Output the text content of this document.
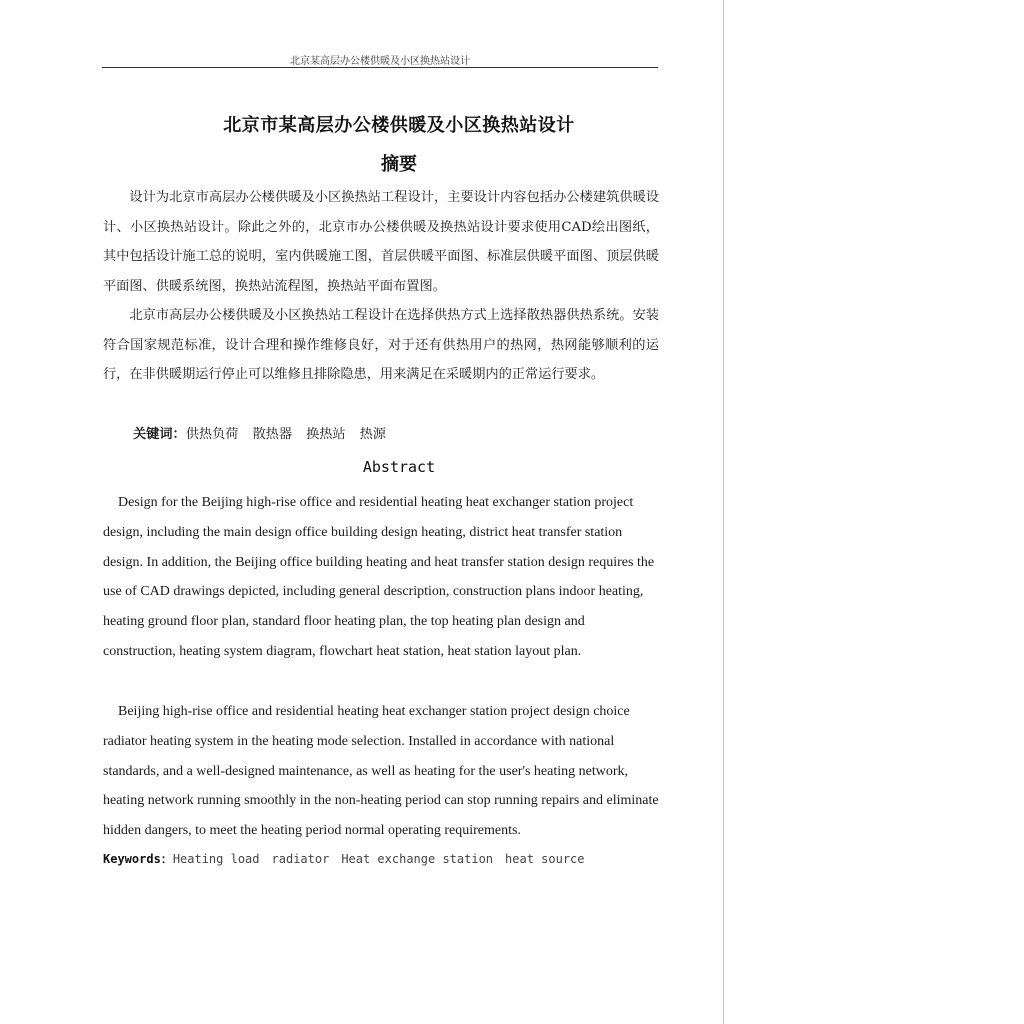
北京某高层办公楼供暖及小区换热站设计
北京市某高层办公楼供暖及小区换热站设计
摘要

设计为北京市高层办公楼供暖及小区换热站工程设计，主要设计内容包括办公楼建筑供暖设计、小区换热站设计。除此之外的，北京市办公楼供暖及换热站设计要求使用CAD绘出图纸，其中包括设计施工总的说明，室内供暖施工图，首层供暖平面图、标准层供暖平面图、顶层供暖平面图、供暖系统图，换热站流程图，换热站平面布置图。

北京市高层办公楼供暖及小区换热站工程设计在选择供热方式上选择散热器供热系统。安装符合国家规范标准，设计合理和操作维修良好，对于还有供热用户的热网，热网能够顺利的运行，在非供暖期运行停止可以维修且排除隐患，用来满足在采暖期内的正常运行要求。

关键词：供热负荷 散热器 换热站 热源
Abstract

Design for the Beijing high-rise office and residential heating heat exchanger station project design, including the main design office building design heating, district heat transfer station design. In addition, the Beijing office building heating and heat transfer station design requires the use of CAD drawings depicted, including general description, construction plans indoor heating, heating ground floor plan, standard floor heating plan, the top heating plan design and construction, heating system diagram, flowchart heat station, heat station layout plan.

Beijing high-rise office and residential heating heat exchanger station project design choice radiator heating system in the heating mode selection. Installed in accordance with national standards, and a well-designed maintenance, as well as heating for the user's heating network, heating network running smoothly in the non-heating period can stop running repairs and eliminate hidden dangers, to meet the heating period normal operating requirements.

Keywords：Heating load radiator Heat exchange station heat source
